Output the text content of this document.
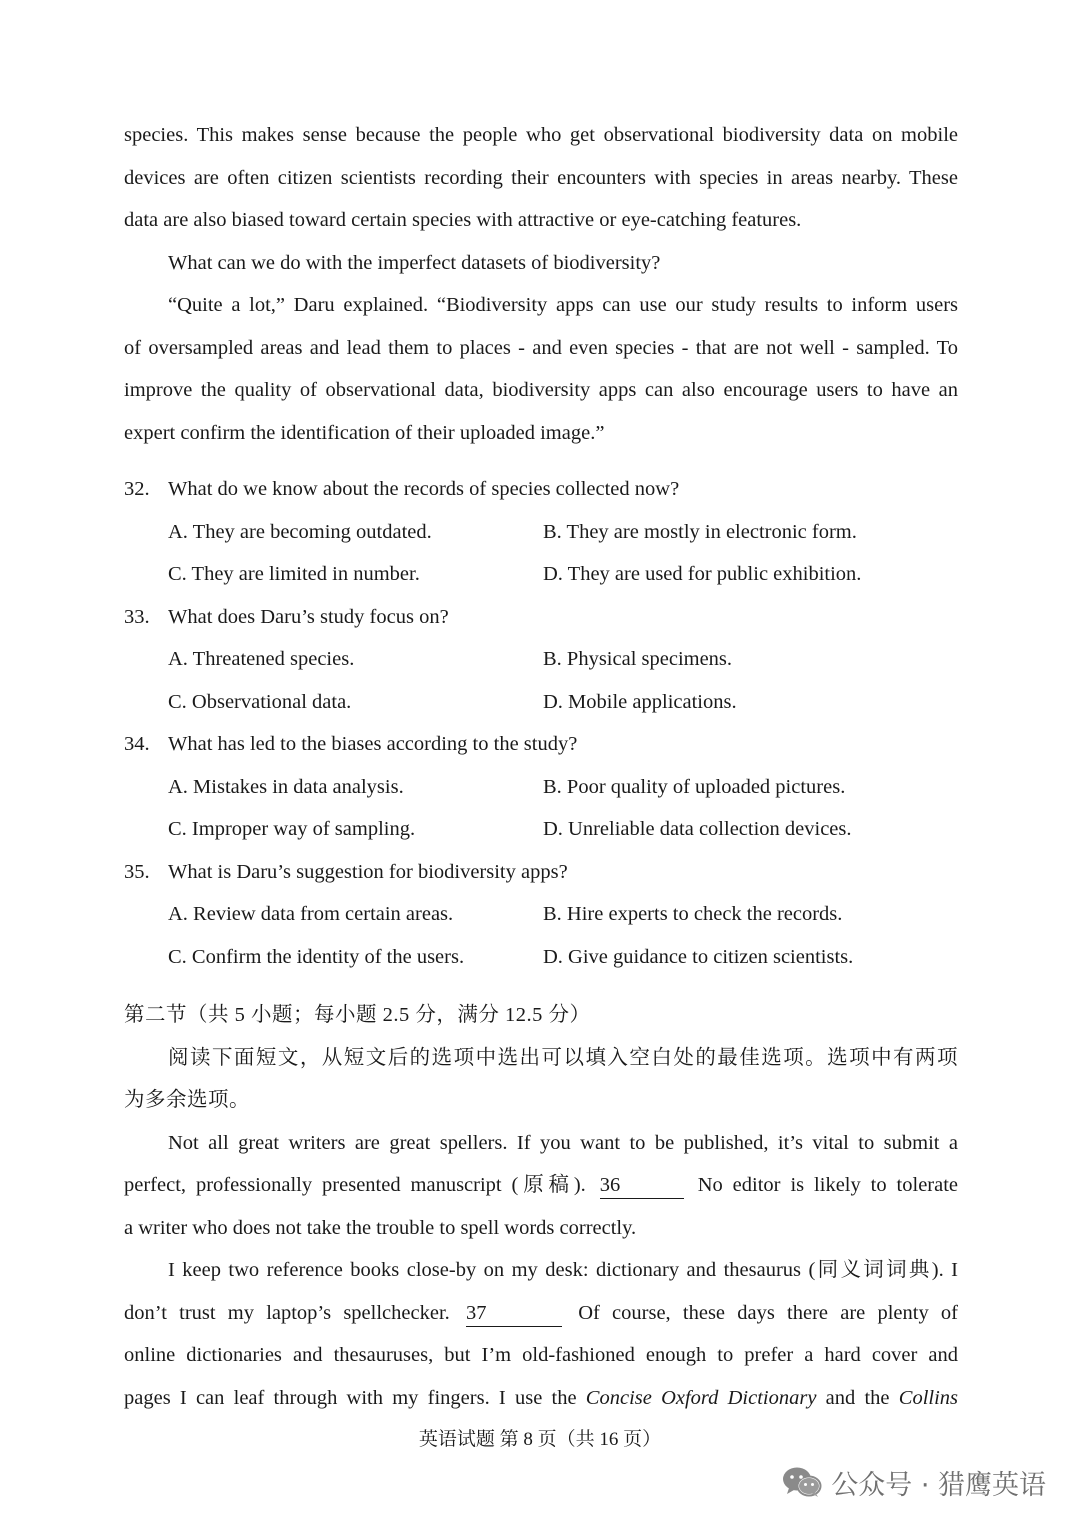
species. This makes sense because the people who get observational biodiversity data on mobile
devices are often citizen scientists recording their encounters with species in areas nearby. These
data are also biased toward certain species with attractive or eye-catching features.
What can we do with the imperfect datasets of biodiversity?
“Quite a lot,” Daru explained. “Biodiversity apps can use our study results to inform users
of oversampled areas and lead them to places - and even species - that are not well - sampled. To
improve the quality of observational data, biodiversity apps can also encourage users to have an
expert confirm the identification of their uploaded image.”
32. What do we know about the records of species collected now?
A. They are becoming outdated.	B. They are mostly in electronic form.
C. They are limited in number.	D. They are used for public exhibition.
33. What does Daru’s study focus on?
A. Threatened species.	B. Physical specimens.
C. Observational data.	D. Mobile applications.
34. What has led to the biases according to the study?
A. Mistakes in data analysis.	B. Poor quality of uploaded pictures.
C. Improper way of sampling.	D. Unreliable data collection devices.
35. What is Daru’s suggestion for biodiversity apps?
A. Review data from certain areas.	B. Hire experts to check the records.
C. Confirm the identity of the users.	D. Give guidance to citizen scientists.
第二节（共 5 小题；每小题 2.5 分，满分 12.5 分）
阅读下面短文，从短文后的选项中选出可以填入空白处的最佳选项。选项中有两项
为多余选项。
Not all great writers are great spellers. If you want to be published, it’s vital to submit a
perfect, professionally presented manuscript (原稿). 36	No editor is likely to tolerate
a writer who does not take the trouble to spell words correctly.
I keep two reference books close-by on my desk: dictionary and thesaurus (同义词词典). I
don’t trust my laptop’s spellchecker. 37	Of course, these days there are plenty of
online dictionaries and thesauruses, but I’m old-fashioned enough to prefer a hard cover and
pages I can leaf through with my fingers. I use the Concise Oxford Dictionary and the Collins
英语试题 第 8 页（共 16 页）
公众号 · 猎鹰英语
